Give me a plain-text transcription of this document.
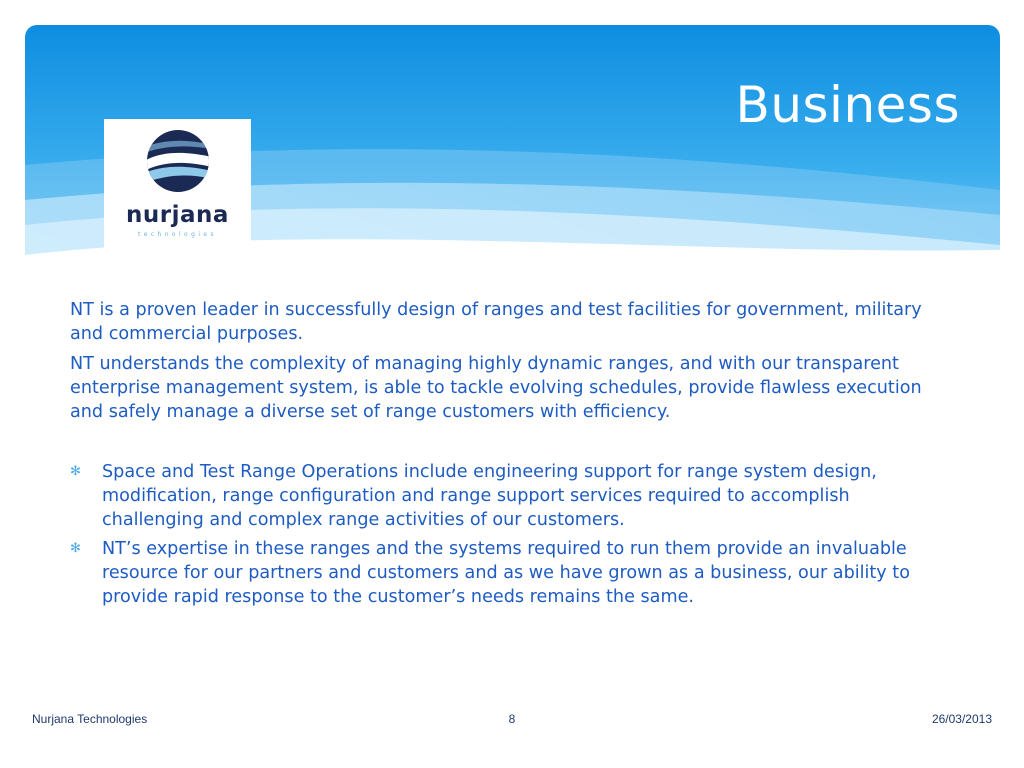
Business
nurjana
technologies

NT is a proven leader in successfully design of ranges and test facilities for government, military and commercial purposes.

NT understands the complexity of managing highly dynamic ranges, and with our transparent enterprise management system, is able to tackle evolving schedules, provide flawless execution and safely manage a diverse set of range customers with efficiency.

✻ Space and Test Range Operations include engineering support for range system design, modification, range configuration and range support services required to accomplish challenging and complex range activities of our customers.
✻ NT’s expertise in these ranges and the systems required to run them provide an invaluable resource for our partners and customers and as we have grown as a business, our ability to provide rapid response to the customer’s needs remains the same.
Nurjana Technologies	8	26/03/2013
